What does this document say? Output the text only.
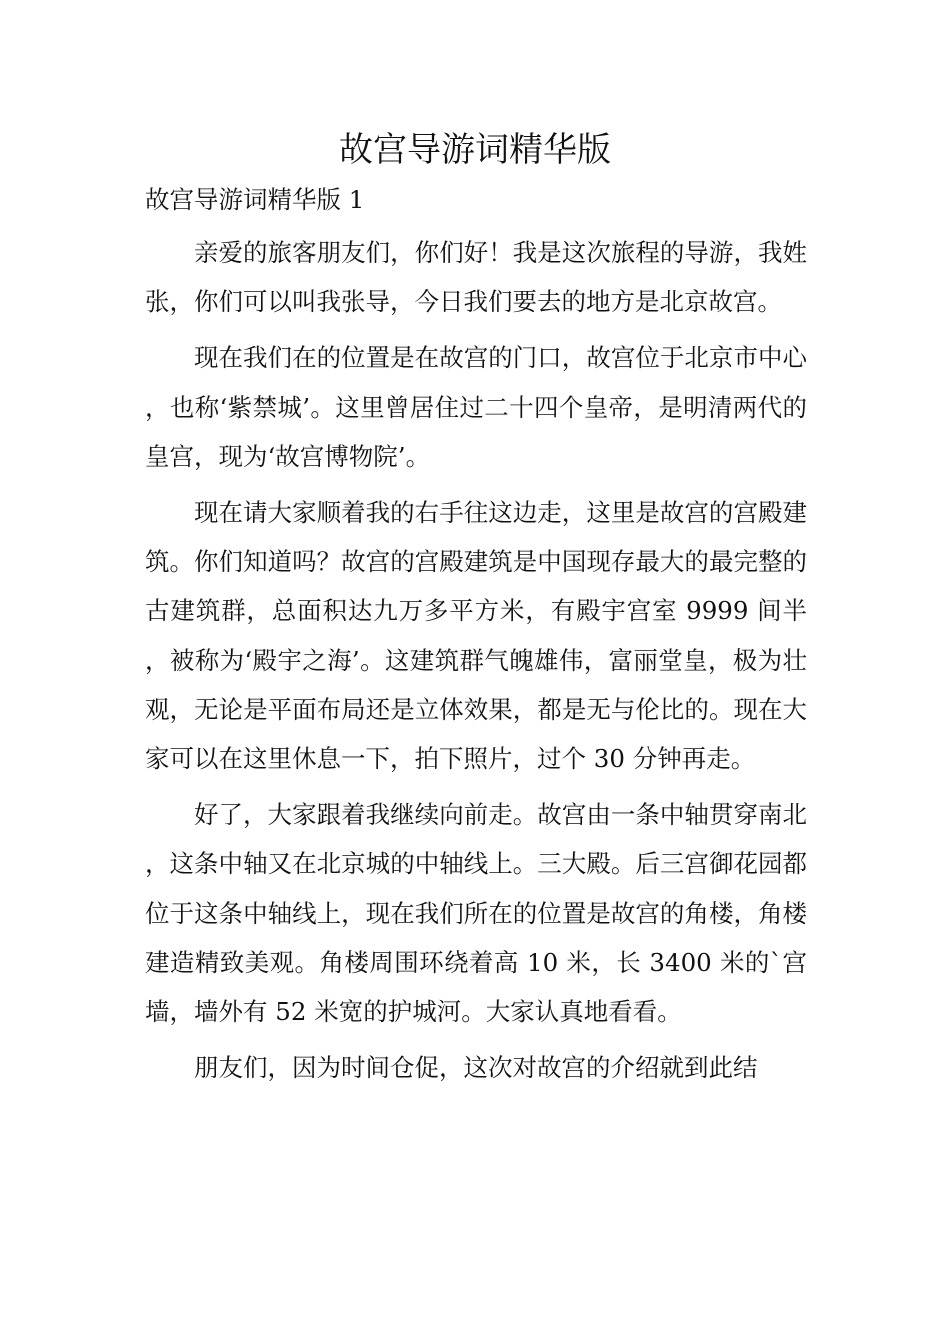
故宫导游词精华版

故宫导游词精华版 1

亲爱的旅客朋友们，你们好！我是这次旅程的导游，我姓张，你们可以叫我张导，今日我们要去的地方是北京故宫。

现在我们在的位置是在故宫的门口，故宫位于北京市中心，也称‘紫禁城’。这里曾居住过二十四个皇帝，是明清两代的皇宫，现为‘故宫博物院’。

现在请大家顺着我的右手往这边走，这里是故宫的宫殿建筑。你们知道吗？故宫的宫殿建筑是中国现存最大的最完整的古建筑群，总面积达九万多平方米，有殿宇宫室 9999 间半，被称为‘殿宇之海’。这建筑群气魄雄伟，富丽堂皇，极为壮观，无论是平面布局还是立体效果，都是无与伦比的。现在大家可以在这里休息一下，拍下照片，过个 30 分钟再走。

好了，大家跟着我继续向前走。故宫由一条中轴贯穿南北，这条中轴又在北京城的中轴线上。三大殿。后三宫御花园都位于这条中轴线上，现在我们所在的位置是故宫的角楼，角楼建造精致美观。角楼周围环绕着高 10 米，长 3400 米的`宫墙，墙外有 52 米宽的护城河。大家认真地看看。

朋友们，因为时间仓促，这次对故宫的介绍就到此结
